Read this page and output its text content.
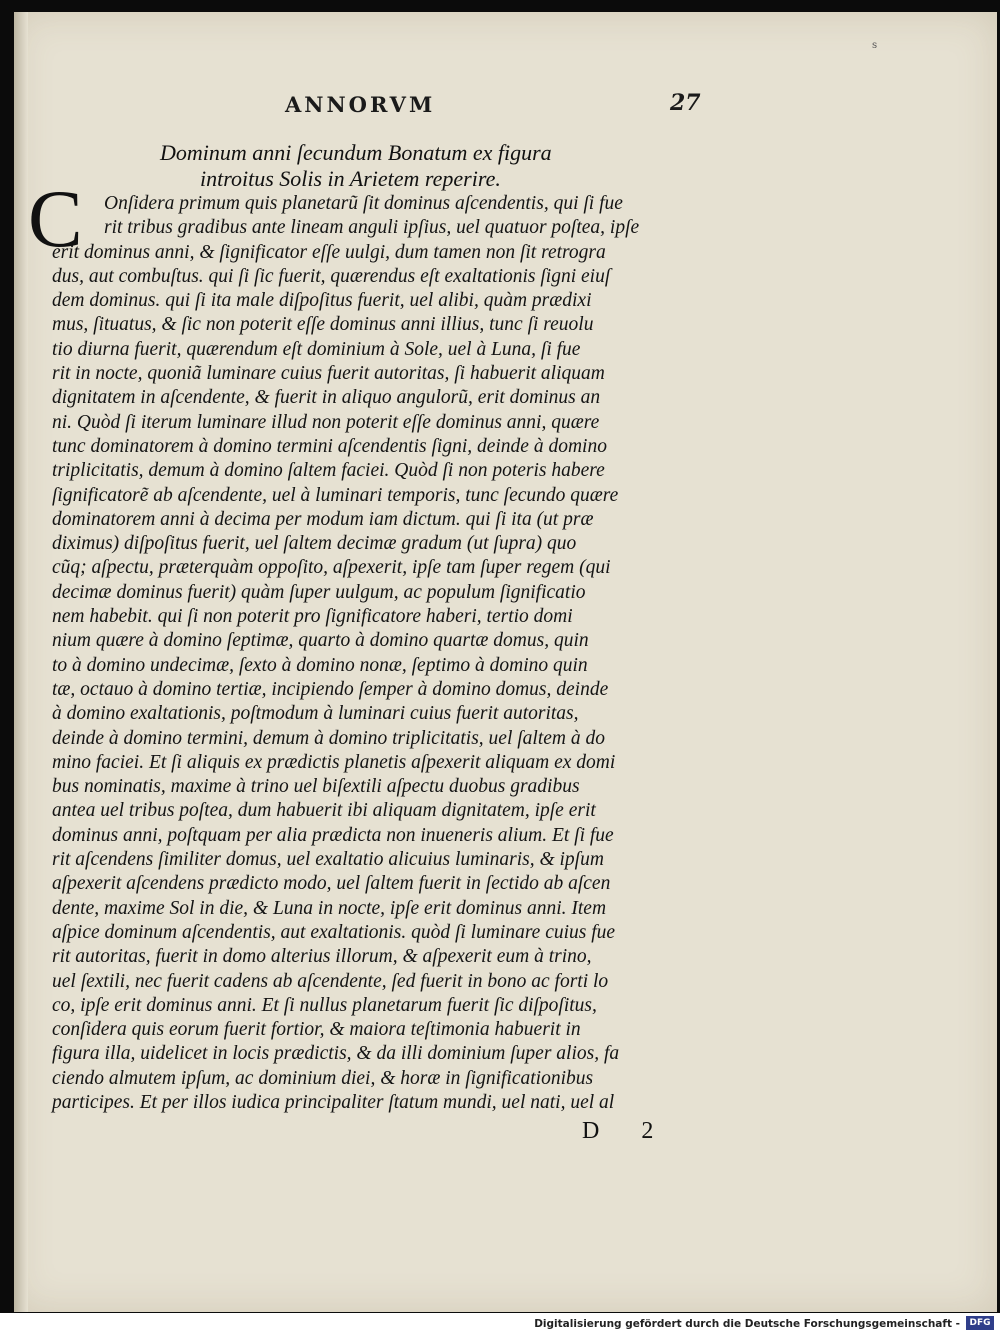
s
ANNORVM	27
Dominum anni ſecundum Bonatum ex figura
introitus Solis in Arietem reperire.
C	Onſidera primum quis planetarũ ſit dominus aſcendentis, qui ſi fue
rit tribus gradibus ante lineam anguli ipſius, uel quatuor poſtea, ipſe
erit dominus anni, & ſignificator eſſe uulgi, dum tamen non ſit retrogra
dus, aut combuſtus. qui ſi ſic fuerit, quærendus eſt exaltationis ſigni eiuſ
dem dominus. qui ſi ita male diſpoſitus fuerit, uel alibi, quàm prædixi
mus, ſituatus, & ſic non poterit eſſe dominus anni illius, tunc ſi reuolu
tio diurna fuerit, quærendum eſt dominium à Sole, uel à Luna, ſi fue
rit in nocte, quoniã luminare cuius fuerit autoritas, ſi habuerit aliquam
dignitatem in aſcendente, & fuerit in aliquo angulorũ, erit dominus an
ni. Quòd ſi iterum luminare illud non poterit eſſe dominus anni, quære
tunc dominatorem à domino termini aſcendentis ſigni, deinde à domino
triplicitatis, demum à domino ſaltem faciei. Quòd ſi non poteris habere
ſignificatorẽ ab aſcendente, uel à luminari temporis, tunc ſecundo quære
dominatorem anni à decima per modum iam dictum. qui ſi ita (ut præ
diximus) diſpoſitus fuerit, uel ſaltem decimæ gradum (ut ſupra) quo
cũq; aſpectu, præterquàm oppoſito, aſpexerit, ipſe tam ſuper regem (qui
decimæ dominus fuerit) quàm ſuper uulgum, ac populum ſignificatio
nem habebit. qui ſi non poterit pro ſignificatore haberi, tertio domi
nium quære à domino ſeptimæ, quarto à domino quartæ domus, quin
to à domino undecimæ, ſexto à domino nonæ, ſeptimo à domino quin
tæ, octauo à domino tertiæ, incipiendo ſemper à domino domus, deinde
à domino exaltationis, poſtmodum à luminari cuius fuerit autoritas,
deinde à domino termini, demum à domino triplicitatis, uel ſaltem à do
mino faciei. Et ſi aliquis ex prædictis planetis aſpexerit aliquam ex domi
bus nominatis, maxime à trino uel biſextili aſpectu duobus gradibus
antea uel tribus poſtea, dum habuerit ibi aliquam dignitatem, ipſe erit
dominus anni, poſtquam per alia prædicta non inueneris alium. Et ſi fue
rit aſcendens ſimiliter domus, uel exaltatio alicuius luminaris, & ipſum
aſpexerit aſcendens prædicto modo, uel ſaltem fuerit in ſectido ab aſcen
dente, maxime Sol in die, & Luna in nocte, ipſe erit dominus anni. Item
aſpice dominum aſcendentis, aut exaltationis. quòd ſi luminare cuius fue
rit autoritas, fuerit in domo alterius illorum, & aſpexerit eum à trino,
uel ſextili, nec fuerit cadens ab aſcendente, ſed fuerit in bono ac forti lo
co, ipſe erit dominus anni. Et ſi nullus planetarum fuerit ſic diſpoſitus,
conſidera quis eorum fuerit fortior, & maiora teſtimonia habuerit in
figura illa, uidelicet in locis prædictis, & da illi dominium ſuper alios, fa
ciendo almutem ipſum, ac dominium diei, & horæ in ſignificationibus
participes. Et per illos iudica principaliter ſtatum mundi, uel nati, uel al
D 2
Digitalisierung gefördert durch die Deutsche Forschungsgemeinschaft -	DFG
